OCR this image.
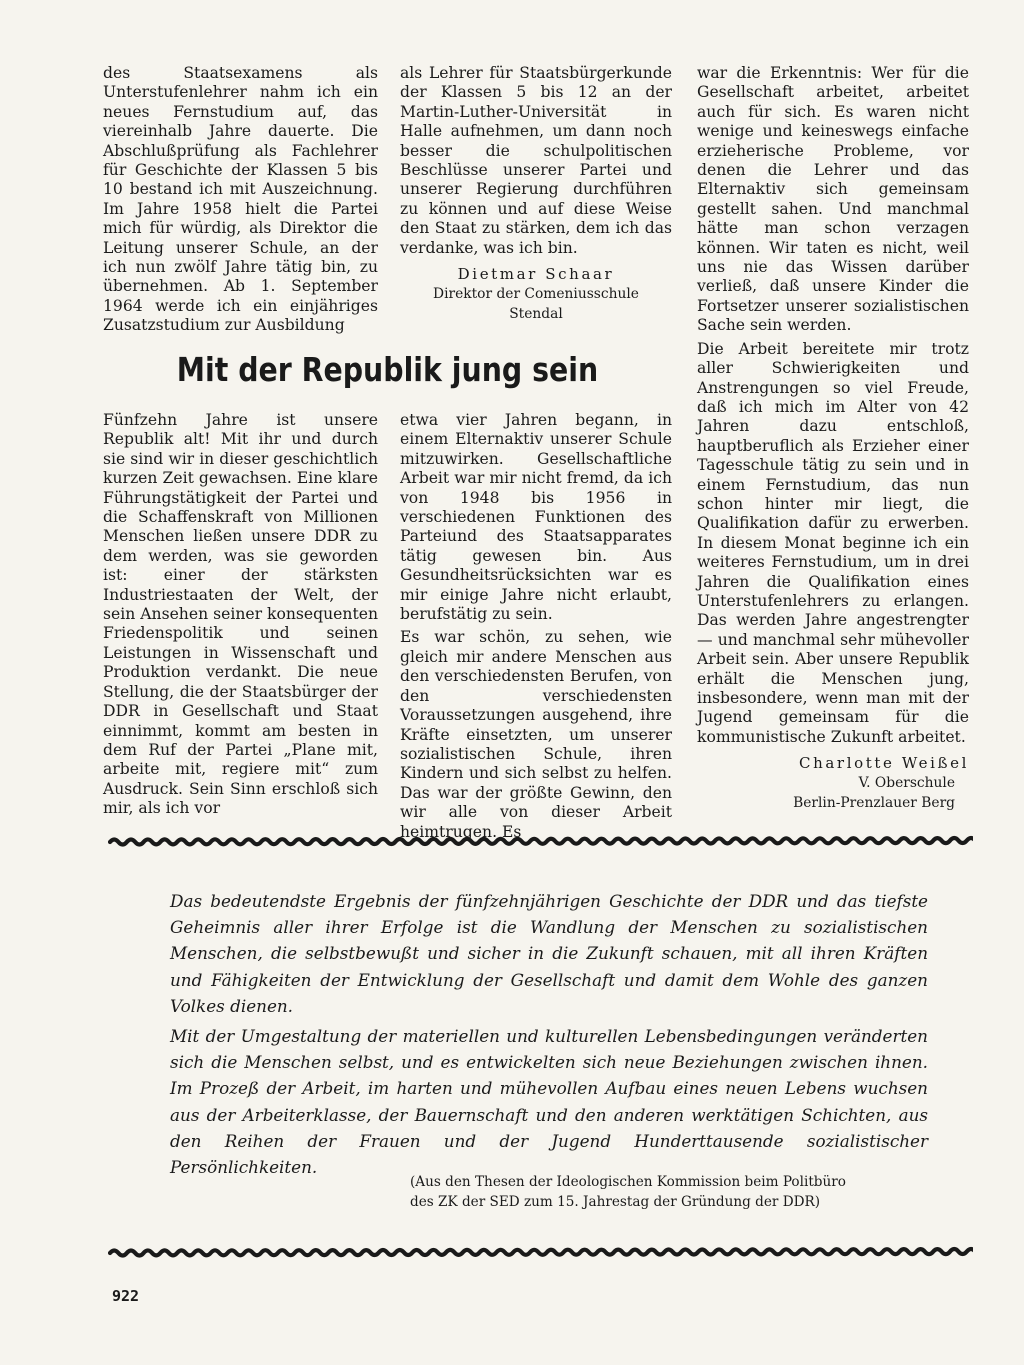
des Staatsexamens als Unterstufenlehrer nahm ich ein neues Fernstudium auf, das viereinhalb Jahre dauerte. Die Abschlußprüfung als Fachlehrer für Geschichte der Klassen 5 bis 10 bestand ich mit Auszeichnung. Im Jahre 1958 hielt die Partei mich für würdig, als Direktor die Leitung unserer Schule, an der ich nun zwölf Jahre tätig bin, zu übernehmen. Ab 1. September 1964 werde ich ein einjähriges Zusatzstudium zur Ausbildung

als Lehrer für Staatsbürgerkunde der Klassen 5 bis 12 an der Martin-Luther-Universität in Halle aufnehmen, um dann noch besser die schulpolitischen Beschlüsse unserer Partei und unserer Regierung durchführen zu können und auf diese Weise den Staat zu stärken, dem ich das verdanke, was ich bin.

Dietmar Schaar
Direktor der Comeniusschule
Stendal

war die Erkenntnis: Wer für die Gesellschaft arbeitet, arbeitet auch für sich. Es waren nicht wenige und keineswegs einfache erzieherische Probleme, vor denen die Lehrer und das Elternaktiv sich gemeinsam gestellt sahen. Und manchmal hätte man schon verzagen können. Wir taten es nicht, weil uns nie das Wissen darüber verließ, daß unsere Kinder die Fortsetzer unserer sozialistischen Sache sein werden.

Die Arbeit bereitete mir trotz aller Schwierigkeiten und Anstrengungen so viel Freude, daß ich mich im Alter von 42 Jahren dazu entschloß, hauptberuflich als Erzieher einer Tagesschule tätig zu sein und in einem Fernstudium, das nun schon hinter mir liegt, die Qualifikation dafür zu erwerben. In diesem Monat beginne ich ein weiteres Fernstudium, um in drei Jahren die Qualifikation eines Unterstufenlehrers zu erlangen. Das werden Jahre angestrengter — und manchmal sehr mühevoller Arbeit sein. Aber unsere Republik erhält die Menschen jung, insbesondere, wenn man mit der Jugend gemeinsam für die kommunistische Zukunft arbeitet.

Charlotte Weißel
V. Oberschule
Berlin-Prenzlauer Berg
Mit der Republik jung sein

Fünfzehn Jahre ist unsere Republik alt! Mit ihr und durch sie sind wir in dieser geschichtlich kurzen Zeit gewachsen. Eine klare Führungstätigkeit der Partei und die Schaffenskraft von Millionen Menschen ließen unsere DDR zu dem werden, was sie geworden ist: einer der stärksten Industriestaaten der Welt, der sein Ansehen seiner konsequenten Friedenspolitik und seinen Leistungen in Wissenschaft und Produktion verdankt. Die neue Stellung, die der Staatsbürger der DDR in Gesellschaft und Staat einnimmt, kommt am besten in dem Ruf der Partei „Plane mit, arbeite mit, regiere mit“ zum Ausdruck. Sein Sinn erschloß sich mir, als ich vor

etwa vier Jahren begann, in einem Elternaktiv unserer Schule mitzuwirken. Gesellschaftliche Arbeit war mir nicht fremd, da ich von 1948 bis 1956 in verschiedenen Funktionen des Parteiund des Staatsapparates tätig gewesen bin. Aus Gesundheitsrücksichten war es mir einige Jahre nicht erlaubt, berufstätig zu sein.

Es war schön, zu sehen, wie gleich mir andere Menschen aus den verschiedensten Berufen, von den verschiedensten Voraussetzungen ausgehend, ihre Kräfte einsetzten, um unserer sozialistischen Schule, ihren Kindern und sich selbst zu helfen. Das war der größte Gewinn, den wir alle von dieser Arbeit heimtrugen. Es

Das bedeutendste Ergebnis der fünfzehnjährigen Geschichte der DDR und das tiefste Geheimnis aller ihrer Erfolge ist die Wandlung der Menschen zu sozialistischen Menschen, die selbstbewußt und sicher in die Zukunft schauen, mit all ihren Kräften und Fähigkeiten der Entwicklung der Gesellschaft und damit dem Wohle des ganzen Volkes dienen.

Mit der Umgestaltung der materiellen und kulturellen Lebensbedingungen veränderten sich die Menschen selbst, und es entwickelten sich neue Beziehungen zwischen ihnen. Im Prozeß der Arbeit, im harten und mühevollen Aufbau eines neuen Lebens wuchsen aus der Arbeiterklasse, der Bauernschaft und den anderen werktätigen Schichten, aus den Reihen der Frauen und der Jugend Hunderttausende sozialistischer Persönlichkeiten.

(Aus den Thesen der Ideologischen Kommission beim Politbüro
des ZK der SED zum 15. Jahrestag der Gründung der DDR)
922
